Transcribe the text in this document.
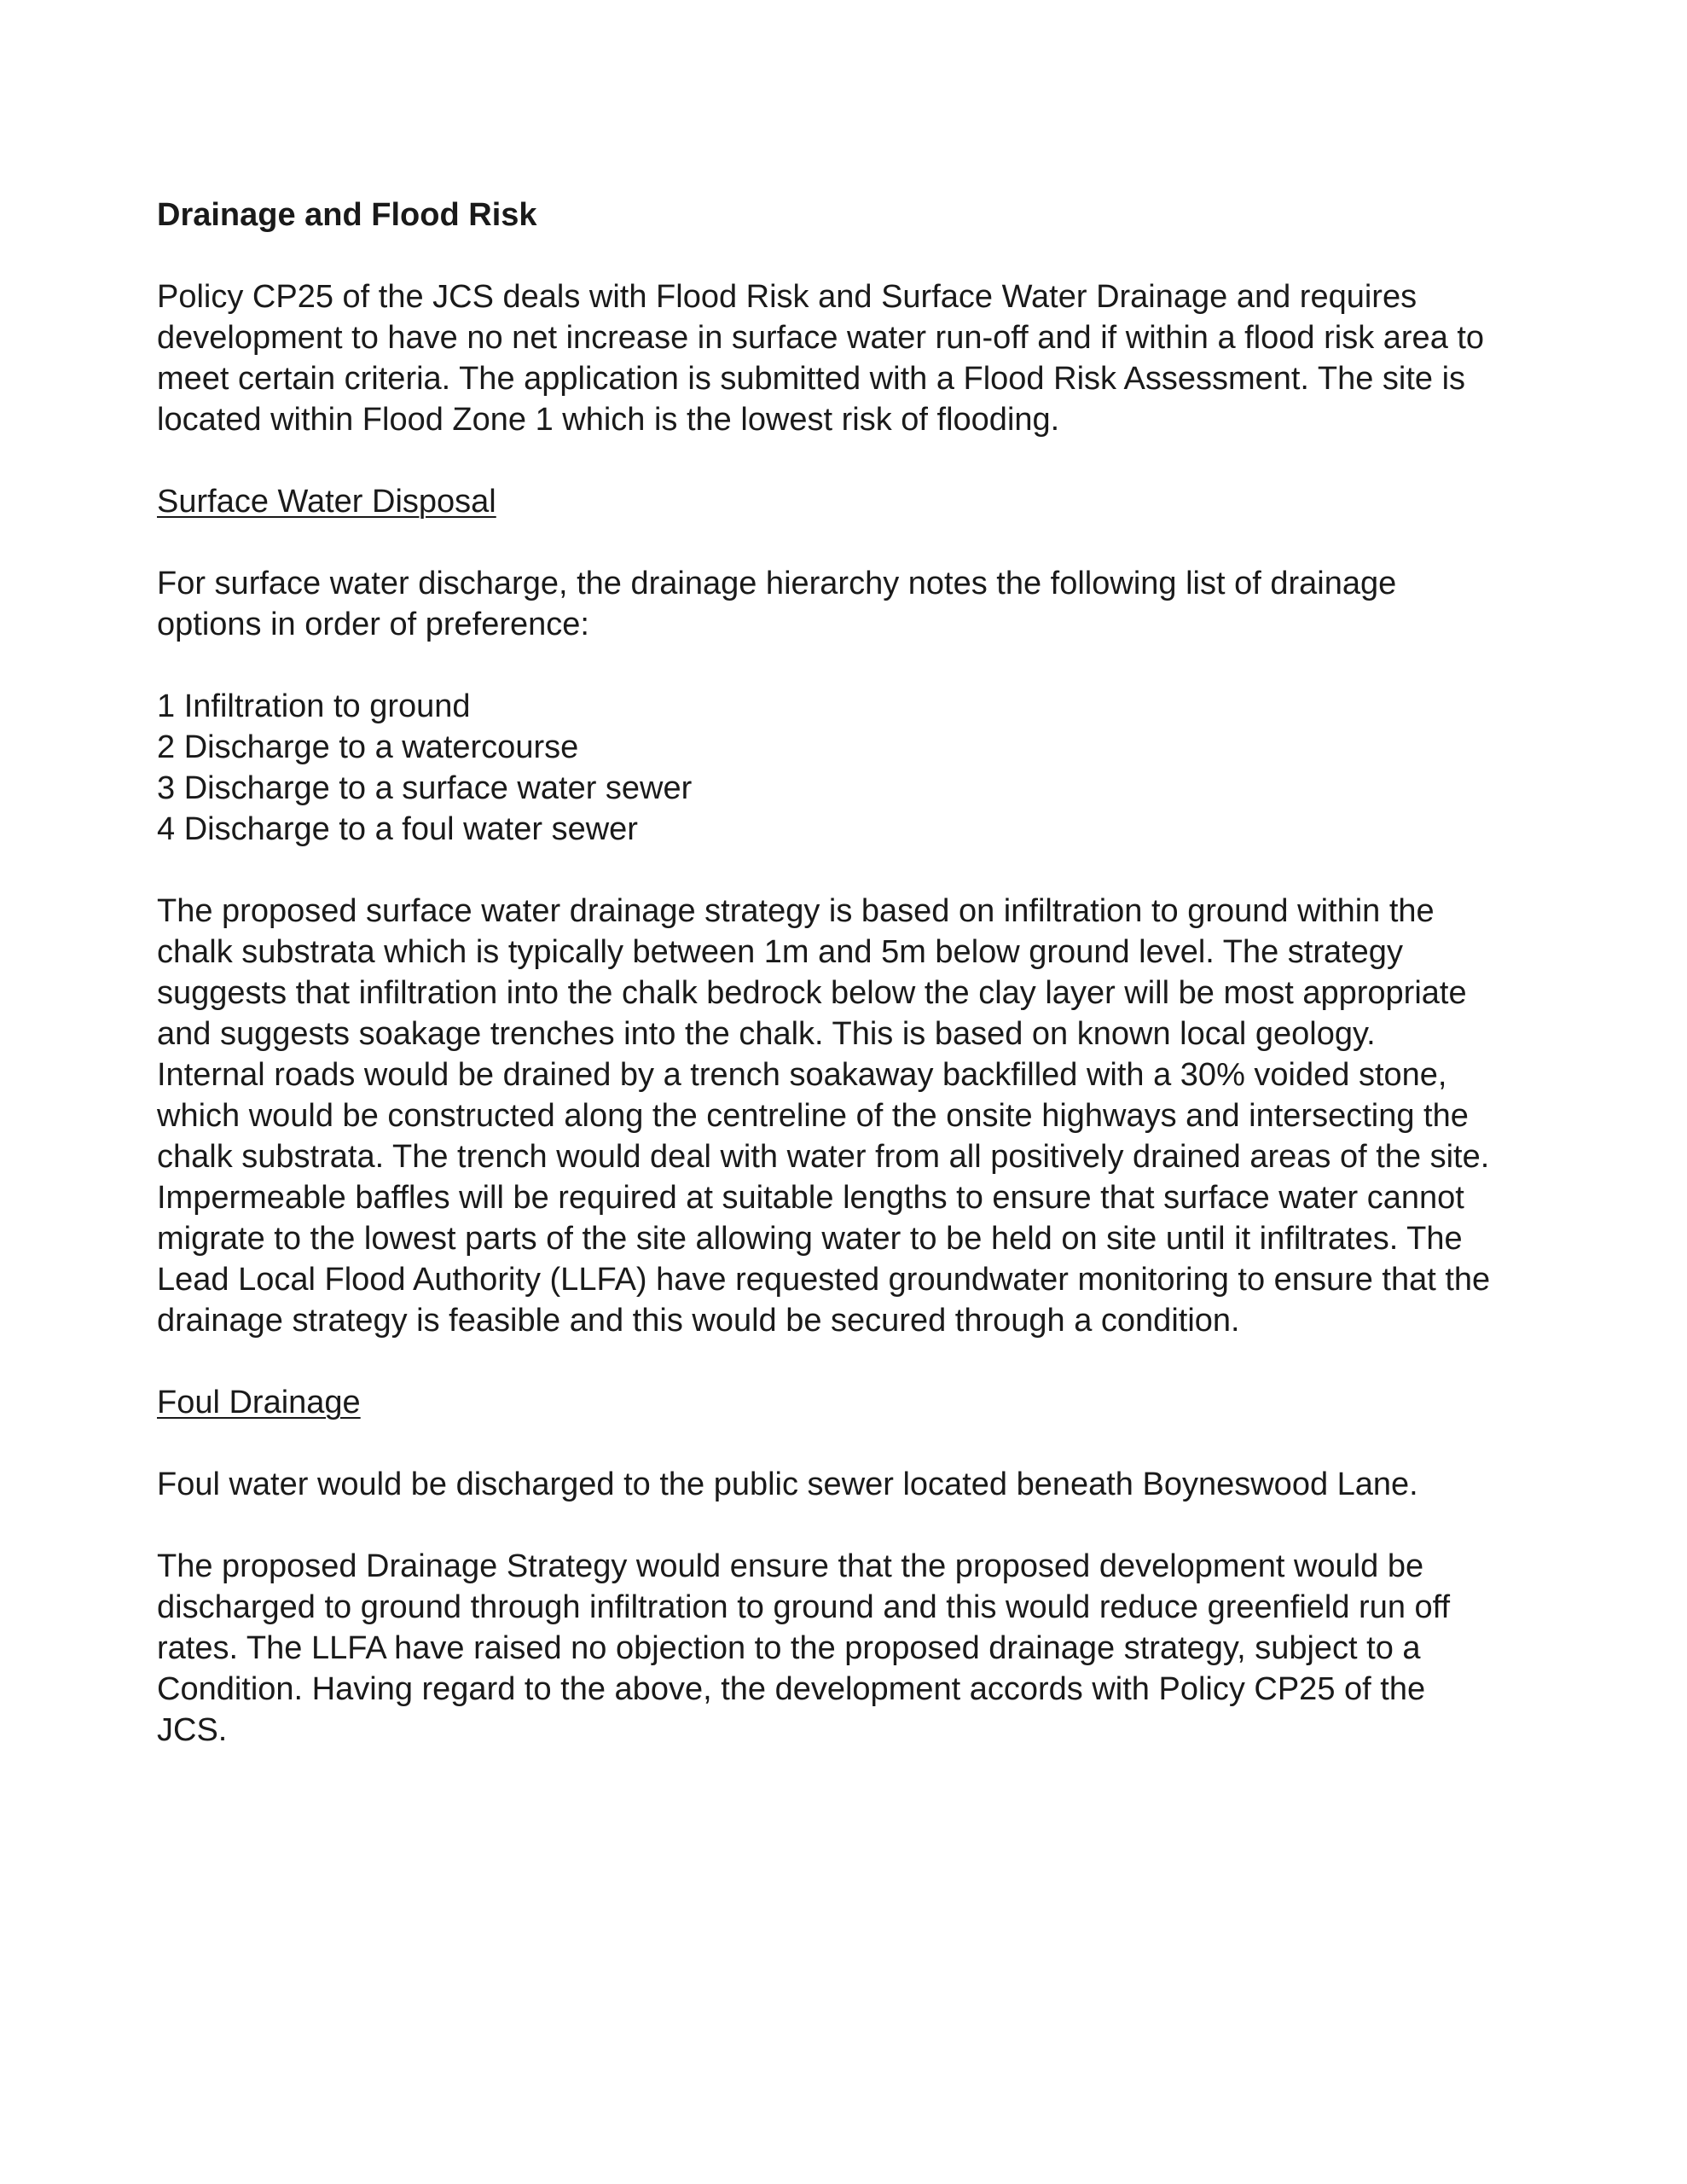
Drainage and Flood Risk

Policy CP25 of the JCS deals with Flood Risk and Surface Water Drainage and requires
development to have no net increase in surface water run-off and if within a flood risk area to
meet certain criteria. The application is submitted with a Flood Risk Assessment. The site is
located within Flood Zone 1 which is the lowest risk of flooding.

Surface Water Disposal

For surface water discharge, the drainage hierarchy notes the following list of drainage
options in order of preference:

1 Infiltration to ground
2 Discharge to a watercourse
3 Discharge to a surface water sewer
4 Discharge to a foul water sewer

The proposed surface water drainage strategy is based on infiltration to ground within the
chalk substrata which is typically between 1m and 5m below ground level. The strategy
suggests that infiltration into the chalk bedrock below the clay layer will be most appropriate
and suggests soakage trenches into the chalk. This is based on known local geology.
Internal roads would be drained by a trench soakaway backfilled with a 30% voided stone,
which would be constructed along the centreline of the onsite highways and intersecting the
chalk substrata. The trench would deal with water from all positively drained areas of the site.
Impermeable baffles will be required at suitable lengths to ensure that surface water cannot
migrate to the lowest parts of the site allowing water to be held on site until it infiltrates. The
Lead Local Flood Authority (LLFA) have requested groundwater monitoring to ensure that the
drainage strategy is feasible and this would be secured through a condition.

Foul Drainage

Foul water would be discharged to the public sewer located beneath Boyneswood Lane.

The proposed Drainage Strategy would ensure that the proposed development would be
discharged to ground through infiltration to ground and this would reduce greenfield run off
rates. The LLFA have raised no objection to the proposed drainage strategy, subject to a
Condition. Having regard to the above, the development accords with Policy CP25 of the
JCS.
